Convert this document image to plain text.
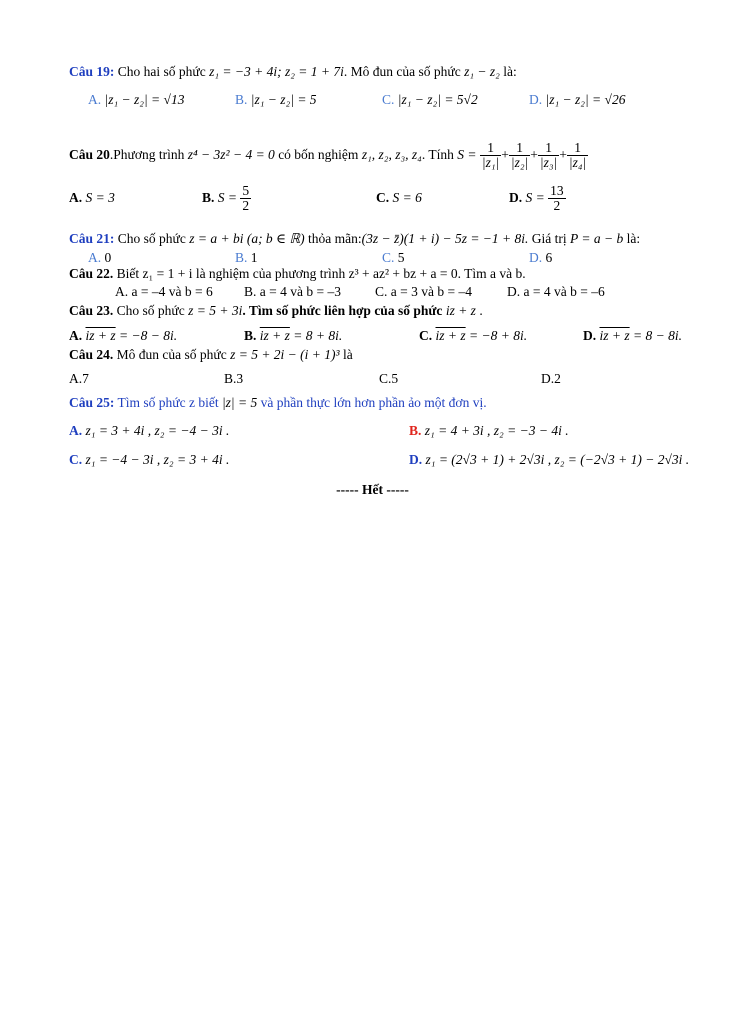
Câu 19: Cho hai số phức z₁ = −3 + 4i; z₂ = 1 + 7i. Mô đun của số phức z₁ − z₂ là:
A. |z₁ − z₂| = √13	B. |z₁ − z₂| = 5	C. |z₁ − z₂| = 5√2	D. |z₁ − z₂| = √26
Câu 20.Phương trình z⁴ − 3z² − 4 = 0 có bốn nghiệm z₁, z₂, z₃, z₄. Tính $S = \frac{1}{\text{|z₁|}} + \frac{1}{\text{|z₂|}} + \frac{1}{\text{|z₃|}} + \frac{1}{\text{|z₄|}}$
A. S = 3	B. $S = \frac{5}{2}$	C. S = 6	D. $S = \frac{13}{2}$
Câu 21: Cho số phức z = a + bi (a; b ∈ ℝ) thỏa mãn:(3z − z̄)(1 + i) − 5z = −1 + 8i. Giá trị P = a − b là:
A. 0	B. 1	C. 5	D. 6
Câu 22. Biết z₁ = 1 + i là nghiệm của phương trình z³ + az² + bz + a = 0. Tìm a và b.
A. a = –4 và b = 6 B. a = 4 và b = –3	C. a = 3 và b = –4	D. a = 4 và b = –6
Câu 23. Cho số phức z = 5 + 3i. Tìm số phức liên hợp của số phức iz + z .
A. iz + z = −8 − 8i.	B. iz + z = 8 + 8i.	C. iz + z = −8 + 8i.	D. iz + z = 8 − 8i.
Câu 24. Mô đun của số phức z = 5 + 2i − (i + 1)³ là
A.7	B.3	C.5	D.2
Câu 25: Tìm số phức z biết |z| = 5 và phần thực lớn hơn phần ảo một đơn vị.
A. z₁ = 3 + 4i , z₂ = −4 − 3i .	B. z₁ = 4 + 3i , z₂ = −3 − 4i .
C. z₁ = −4 − 3i , z₂ = 3 + 4i .	D. z₁ = (2√3 + 1) + 2√3i , z₂ = (−2√3 + 1) − 2√3i .
----- Hết -----
